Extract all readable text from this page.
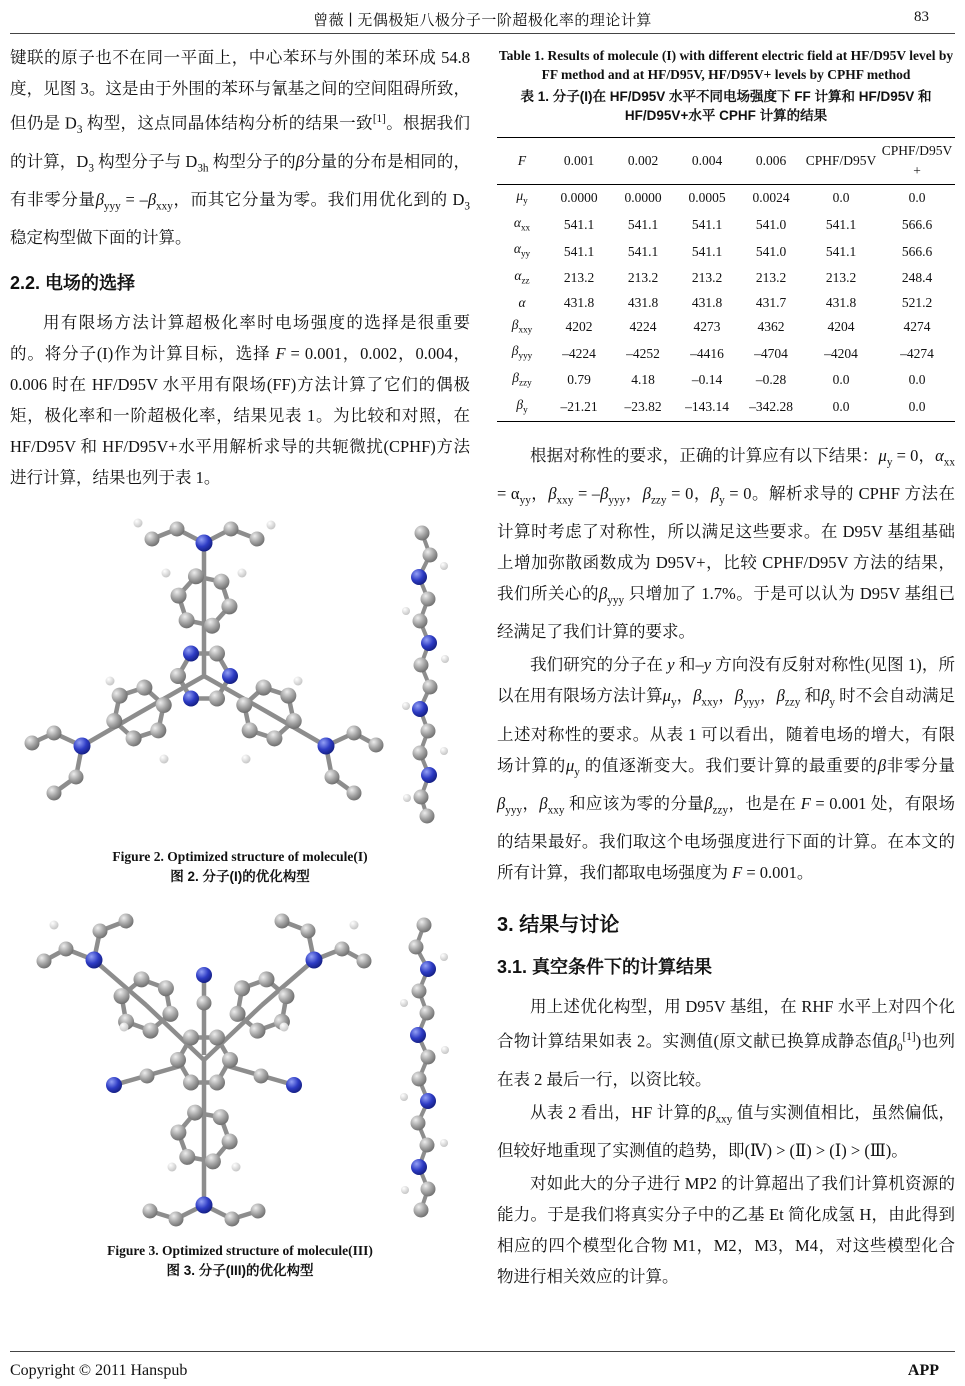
曾薇 ∣ 无偶极矩八极分子一阶超极化率的理论计算	83

键联的原子也不在同一平面上，中心苯环与外围的苯环成 54.8 度，见图 3。这是由于外围的苯环与氰基之间的空间阻碍所致，但仍是 $D_3$ 构型，这点同晶体结构分析的结果一致[1]。根据我们的计算，$D_3$ 构型分子与 $D_{3h}$ 构型分子的β分量的分布是相同的，有非零分量$\beta_{yyy} = -\beta_{xxy}$，而其它分量为零。我们用优化到的 $D_3$ 稳定构型做下面的计算。

2.2. 电场的选择

用有限场方法计算超极化率时电场强度的选择是很重要的。将分子(I)作为计算目标，选择 F = 0.001，0.002，0.004，0.006 时在 HF/D95V 水平用有限场(FF)方法计算了它们的偶极矩，极化率和一阶超极化率，结果见表 1。为比较和对照，在 HF/D95V 和 HF/D95V+水平用解析求导的共轭微扰(CPHF)方法进行计算，结果也列于表 1。

Figure 2. Optimized structure of molecule(I)
图 2. 分子(I)的优化构型
Figure 3. Optimized structure of molecule(III)
图 3. 分子(III)的优化构型
Table 1. Results of molecule (I) with different electric field at HF/D95V level by FF method and at HF/D95V, HF/D95V+ levels by CPHF method
表 1. 分子(I)在 HF/D95V 水平不同电场强度下 FF 计算和 HF/D95V 和 HF/D95V+水平 CPHF 计算的结果
F	0.001	0.002	0.004	0.006	CPHF/D95V	CPHF/D95V+
$\mu_y$	0.0000	0.0000	0.0005	0.0024	0.0	0.0
$\alpha_{xx}$	541.1	541.1	541.1	541.0	541.1	566.6
$\alpha_{yy}$	541.1	541.1	541.1	541.0	541.1	566.6
$\alpha_{zz}$	213.2	213.2	213.2	213.2	213.2	248.4
α	431.8	431.8	431.8	431.7	431.8	521.2
$\beta_{xxy}$	4202	4224	4273	4362	4204	4274
$\beta_{yyy}$	–4224	–4252	–4416	–4704	–4204	–4274
$\beta_{zzy}$	0.79	4.18	–0.14	–0.28	0.0	0.0
$\beta_y$	–21.21	–23.82	–143.14	–342.28	0.0	0.0

根据对称性的要求，正确的计算应有以下结果：$\mu_y = 0$，$\alpha_{xx} = \alpha_{yy}$，$\beta_{xxy} = -\beta_{yyy}$，$\beta_{zzy} = 0$，$\beta_y = 0$。解析求导的 CPHF 方法在计算时考虑了对称性，所以满足这些要求。在 D95V 基组基础上增加弥散函数成为 D95V+，比较 CPHF/D95V 方法的结果，我们所关心的$\beta_{yyy}$ 只增加了 1.7%。于是可以认为 D95V 基组已经满足了我们计算的要求。

我们研究的分子在 y 和–y 方向没有反射对称性(见图 1)，所以在用有限场方法计算$\mu_y$，$\beta_{xxy}$，$\beta_{yyy}$，$\beta_{zzy}$ 和$\beta_y$ 时不会自动满足上述对称性的要求。从表 1 可以看出，随着电场的增大，有限场计算的$\mu_y$ 的值逐渐变大。我们要计算的最重要的β非零分量$\beta_{yyy}$，$\beta_{xxy}$ 和应该为零的分量$\beta_{zzy}$，也是在 F = 0.001 处，有限场的结果最好。我们取这个电场强度进行下面的计算。在本文的所有计算，我们都取电场强度为 F = 0.001。

3. 结果与讨论
3.1. 真空条件下的计算结果

用上述优化构型，用 D95V 基组，在 RHF 水平上对四个化合物计算结果如表 2。实测值(原文献已换算成静态值$\beta_0[1]$)也列在表 2 最后一行，以资比较。

从表 2 看出，HF 计算的$\beta_{xxy}$ 值与实测值相比，虽然偏低，但较好地重现了实测值的趋势，即(Ⅳ) > (Ⅱ) > (Ⅰ) > (Ⅲ)。

对如此大的分子进行 MP2 的计算超出了我们计算机资源的能力。于是我们将真实分子中的乙基 Et 简化成氢 H，由此得到相应的四个模型化合物 M1，M2，M3，M4，对这些模型化合物进行相关效应的计算。

Copyright © 2011 Hanspub	APP
